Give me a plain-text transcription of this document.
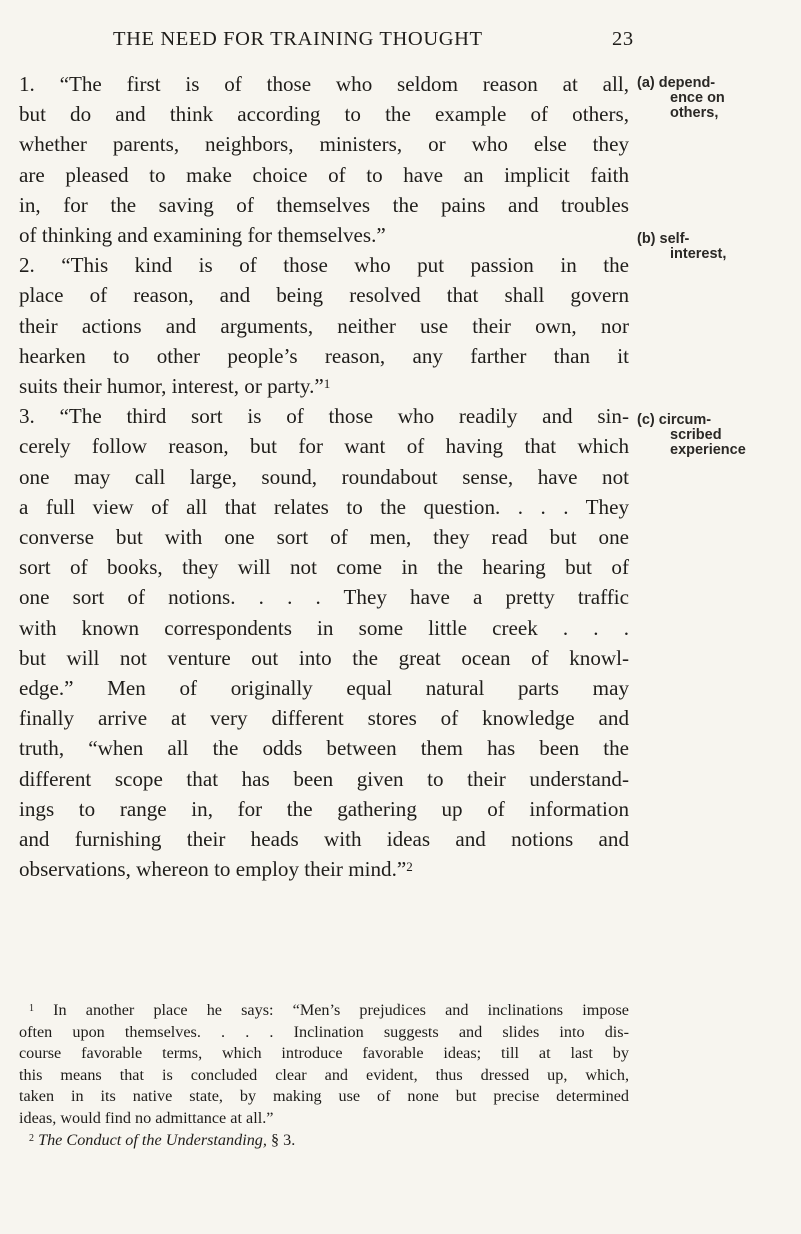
THE NEED FOR TRAINING THOUGHT	23

1. “The first is of those who seldom reason at all,
but do and think according to the example of others,
whether parents, neighbors, ministers, or who else they
are pleased to make choice of to have an implicit faith
in, for the saving of themselves the pains and troubles
of thinking and examining for themselves.”

2. “This kind is of those who put passion in the
place of reason, and being resolved that shall govern
their actions and arguments, neither use their own, nor
hearken to other people’s reason, any farther than it
suits their humor, interest, or party.”$^1$

3. “The third sort is of those who readily and sin-
cerely follow reason, but for want of having that which
one may call large, sound, roundabout sense, have not
a full view of all that relates to the question. . . . They
converse but with one sort of men, they read but one
sort of books, they will not come in the hearing but of
one sort of notions. . . . They have a pretty traffic
with known correspondents in some little creek . . .
but will not venture out into the great ocean of knowl-
edge.” Men of originally equal natural parts may
finally arrive at very different stores of knowledge and
truth, “when all the odds between them has been the
different scope that has been given to their understand-
ings to range in, for the gathering up of information
and furnishing their heads with ideas and notions and
observations, whereon to employ their mind.”$^2$

(a) depend-
ence on
others,
(b) self-
interest,
(c) circum-
scribed
experience
$^1$ In another place he says: “Men’s prejudices and inclinations impose
often upon themselves. . . . Inclination suggests and slides into dis-
course favorable terms, which introduce favorable ideas; till at last by
this means that is concluded clear and evident, thus dressed up, which,
taken in its native state, by making use of none but precise determined
ideas, would find no admittance at all.”
$^2$ The Conduct of the Understanding, § 3.
